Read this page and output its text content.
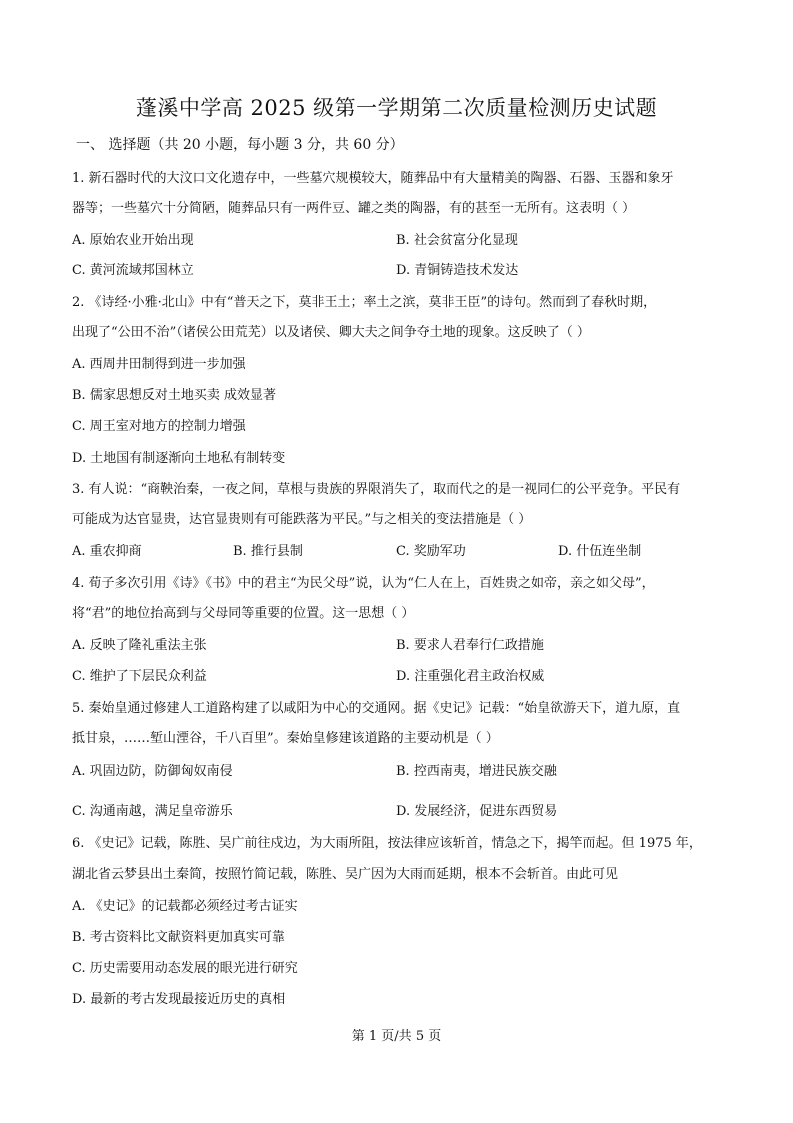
蓬溪中学高 2025 级第一学期第二次质量检测历史试题
一、 选择题（共 20 小题，每小题 3 分，共 60 分）
1. 新石器时代的大汶口文化遗存中，一些墓穴规模较大，随葬品中有大量精美的陶器、石器、玉器和象牙
器等；一些墓穴十分简陋，随葬品只有一两件豆、罐之类的陶器，有的甚至一无所有。这表明（ ）
A. 原始农业开始出现	B. 社会贫富分化显现
C. 黄河流域邦国林立	D. 青铜铸造技术发达
2. 《诗经·小雅·北山》中有“普天之下，莫非王土；率土之滨，莫非王臣”的诗句。然而到了春秋时期，
出现了“公田不治”（诸侯公田荒芜）以及诸侯、卿大夫之间争夺土地的现象。这反映了（ ）
A. 西周井田制得到进一步加强
B. 儒家思想反对土地买卖 成效显著
C. 周王室对地方的控制力增强
D. 土地国有制逐渐向土地私有制转变
3. 有人说：“商鞅治秦，一夜之间，草根与贵族的界限消失了，取而代之的是一视同仁的公平竞争。平民有
可能成为达官显贵，达官显贵则有可能跌落为平民。”与之相关的变法措施是（ ）
A. 重农抑商	B. 推行县制	C. 奖励军功	D. 什伍连坐制
4. 荀子多次引用《诗》《书》中的君主“为民父母”说，认为“仁人在上，百姓贵之如帝，亲之如父母”，
将“君”的地位抬高到与父母同等重要的位置。这一思想（ ）
A. 反映了隆礼重法主张	B. 要求人君奉行仁政措施
C. 维护了下层民众利益	D. 注重强化君主政治权威
5. 秦始皇通过修建人工道路构建了以咸阳为中心的交通网。据《史记》记载：“始皇欲游天下，道九原，直
抵甘泉，……堑山湮谷，千八百里”。秦始皇修建该道路的主要动机是（ ）
A. 巩固边防，防御匈奴南侵	B. 控西南夷，增进民族交融
C. 沟通南越，满足皇帝游乐	D. 发展经济，促进东西贸易
6. 《史记》记载，陈胜、吴广前往戍边，为大雨所阻，按法律应该斩首，情急之下，揭竿而起。但 1975 年，
湖北省云梦县出土秦简，按照竹简记载，陈胜、吴广因为大雨而延期，根本不会斩首。由此可见
A. 《史记》的记载都必须经过考古证实
B. 考古资料比文献资料更加真实可靠
C. 历史需要用动态发展的眼光进行研究
D. 最新的考古发现最接近历史的真相
第 1 页/共 5 页
